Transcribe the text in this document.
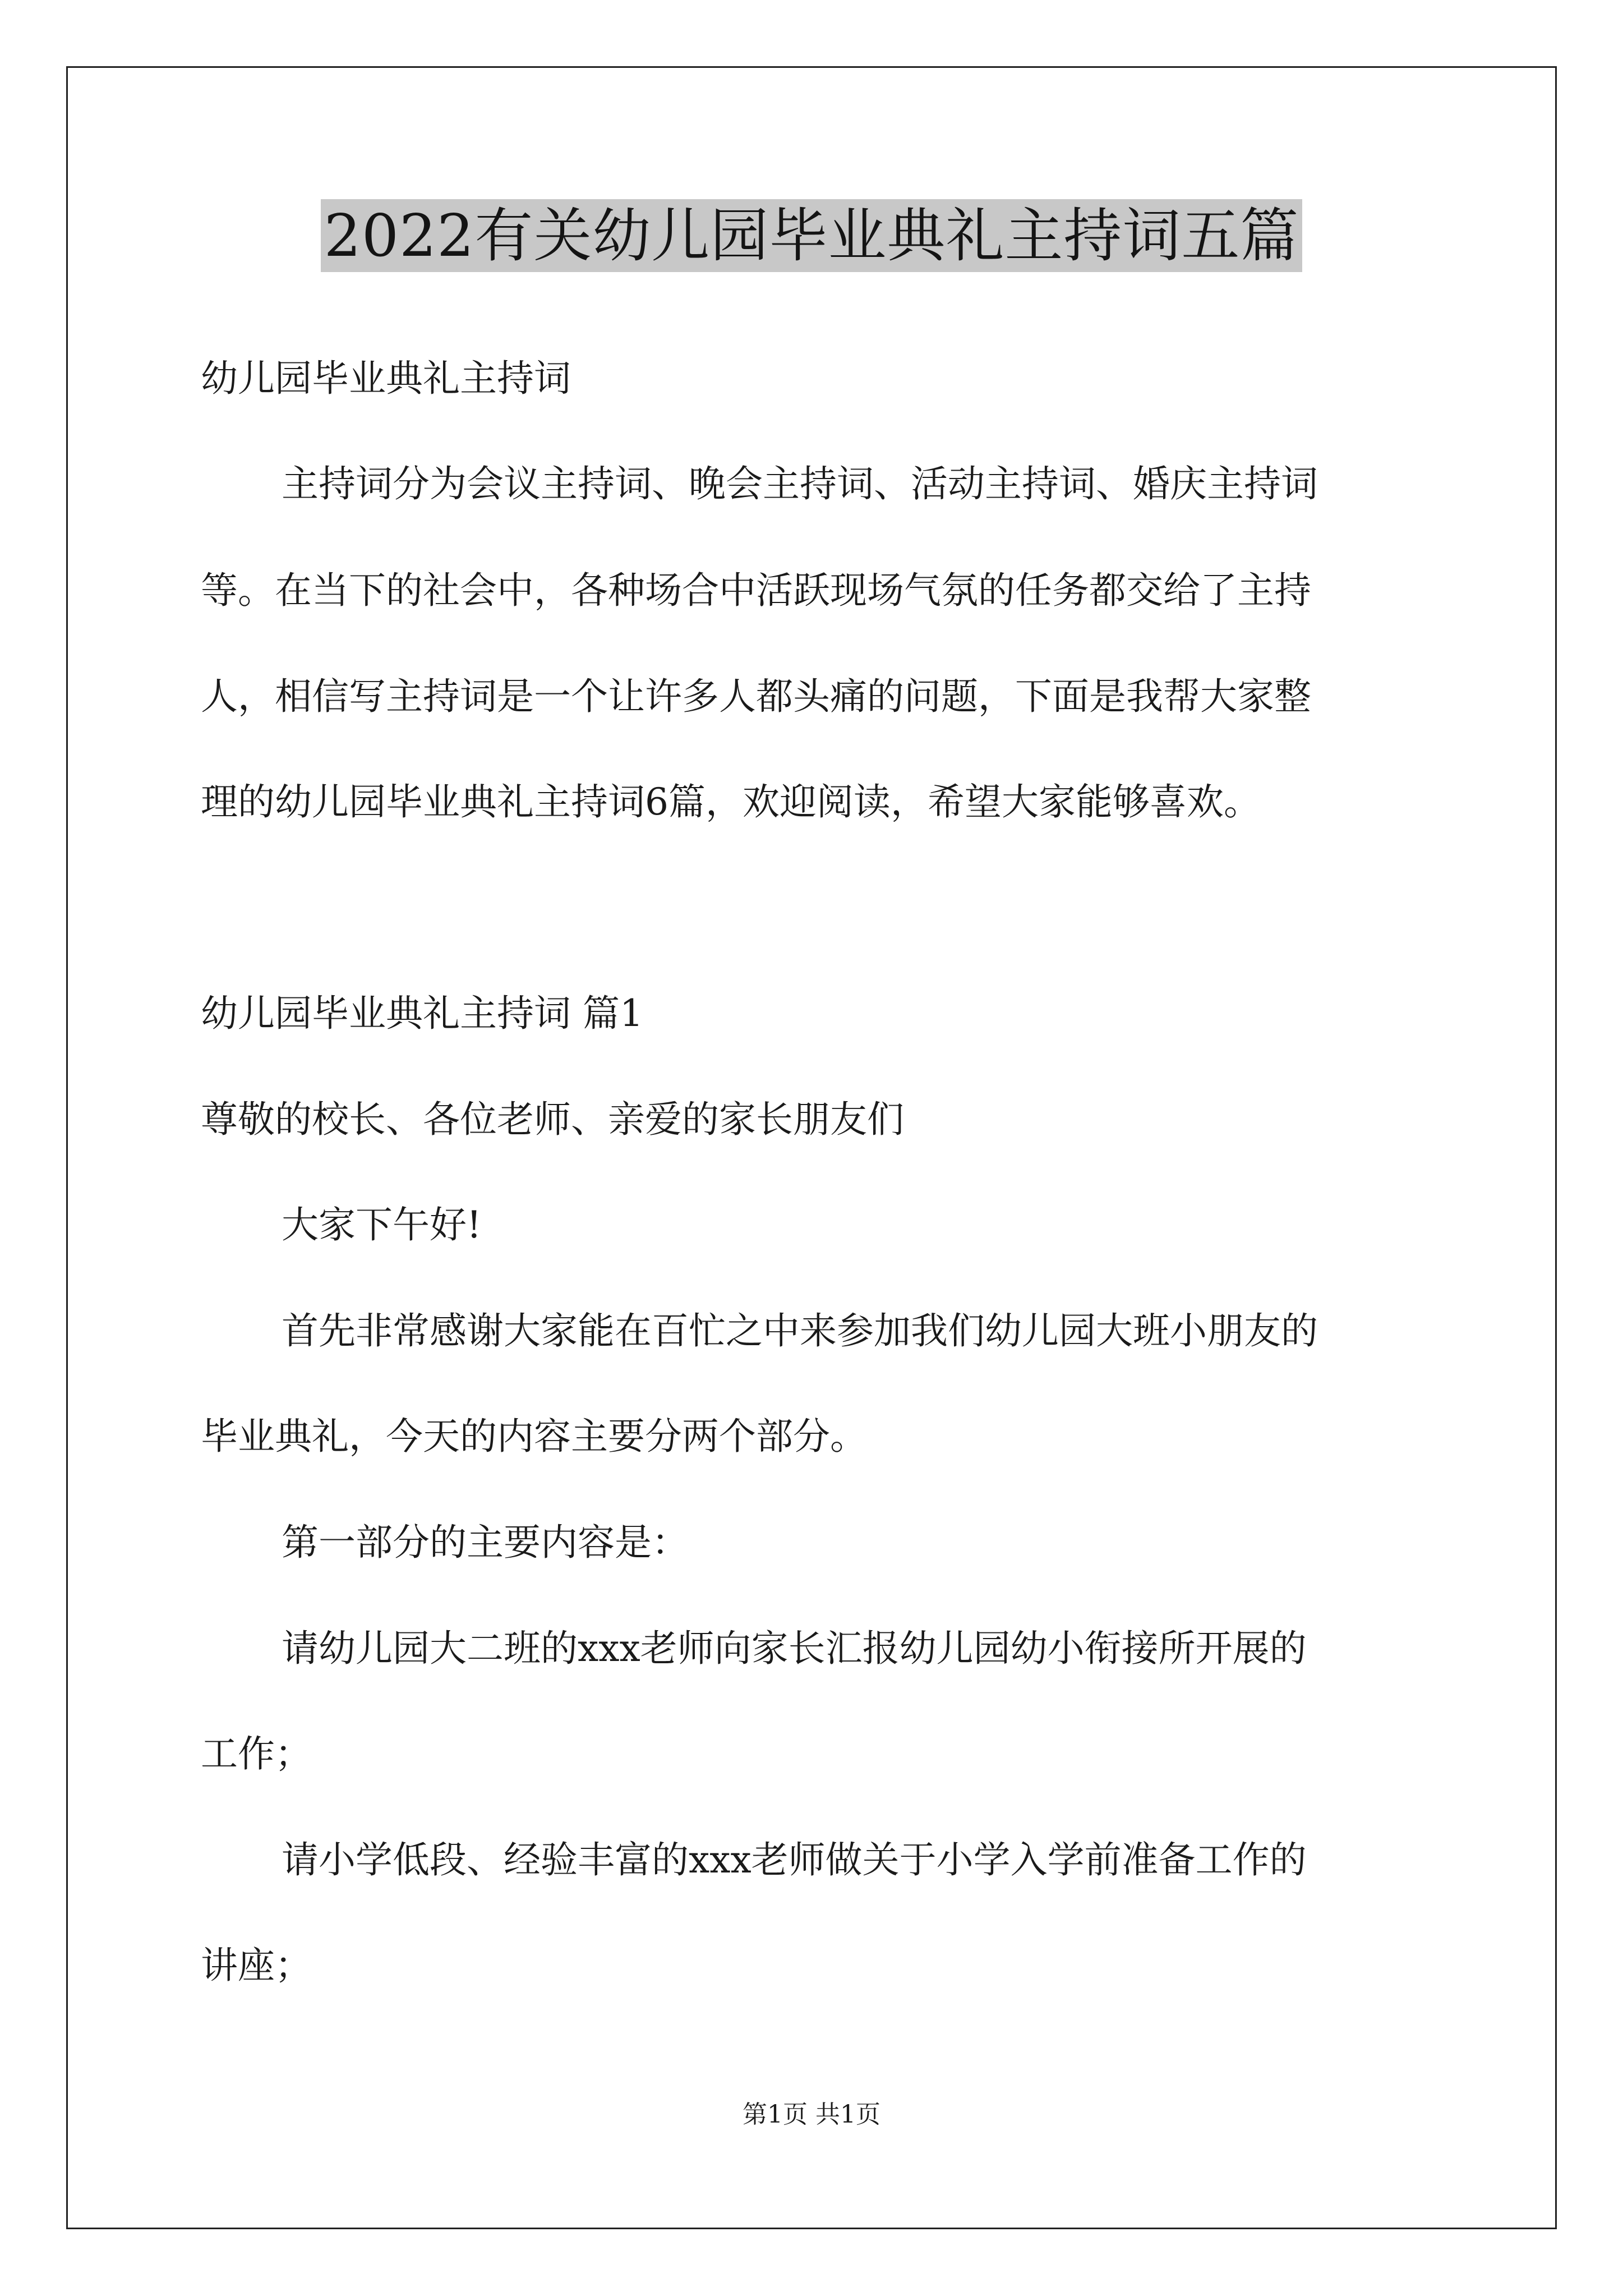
2022有关幼儿园毕业典礼主持词五篇
幼儿园毕业典礼主持词
主持词分为会议主持词、晚会主持词、活动主持词、婚庆主持词
等。在当下的社会中，各种场合中活跃现场气氛的任务都交给了主持
人，相信写主持词是一个让许多人都头痛的问题，下面是我帮大家整
理的幼儿园毕业典礼主持词6篇，欢迎阅读，希望大家能够喜欢。
幼儿园毕业典礼主持词 篇1
尊敬的校长、各位老师、亲爱的家长朋友们
大家下午好!
首先非常感谢大家能在百忙之中来参加我们幼儿园大班小朋友的
毕业典礼，今天的内容主要分两个部分。
第一部分的主要内容是：
请幼儿园大二班的xxx老师向家长汇报幼儿园幼小衔接所开展的
工作；
请小学低段、经验丰富的xxx老师做关于小学入学前准备工作的
讲座；
第1页 共1页
